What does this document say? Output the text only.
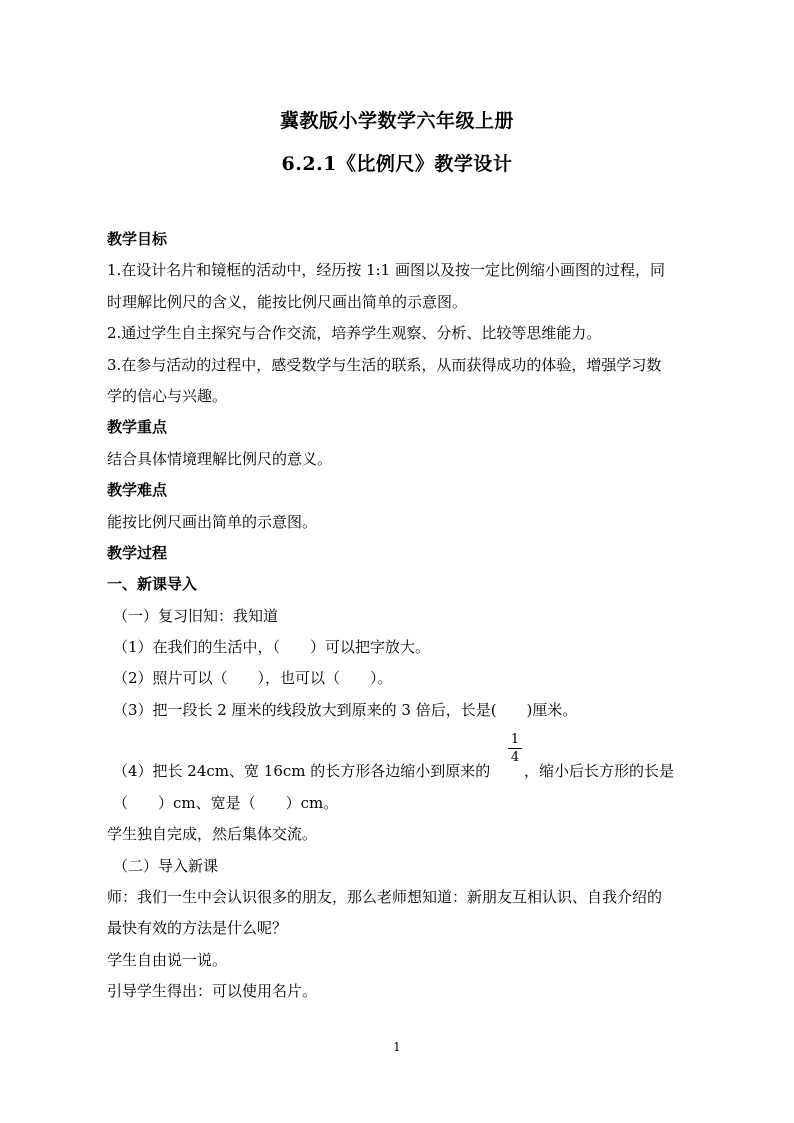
冀教版小学数学六年级上册
6.2.1《比例尺》教学设计
教学目标
1.在设计名片和镜框的活动中，经历按 1:1 画图以及按一定比例缩小画图的过程，同
时理解比例尺的含义，能按比例尺画出简单的示意图。
2.通过学生自主探究与合作交流，培养学生观察、分析、比较等思维能力。
3.在参与活动的过程中，感受数学与生活的联系，从而获得成功的体验，增强学习数
学的信心与兴趣。
教学重点
结合具体情境理解比例尺的意义。
教学难点
能按比例尺画出简单的示意图。
教学过程
一、新课导入
（一）复习旧知：我知道
（1）在我们的生活中，（　　）可以把字放大。
（2）照片可以（　　），也可以（　　）。
（3）把一段长 2 厘米的线段放大到原来的 3 倍后，长是(　　)厘米。
（4）把长 24cm、宽 16cm 的长方形各边缩小到原来的
1
4
，缩小后长方形的长是
（　　）cm、宽是（　　）cm。
学生独自完成，然后集体交流。
（二）导入新课
师：我们一生中会认识很多的朋友，那么老师想知道：新朋友互相认识、自我介绍的
最快有效的方法是什么呢？
学生自由说一说。
引导学生得出：可以使用名片。
1
